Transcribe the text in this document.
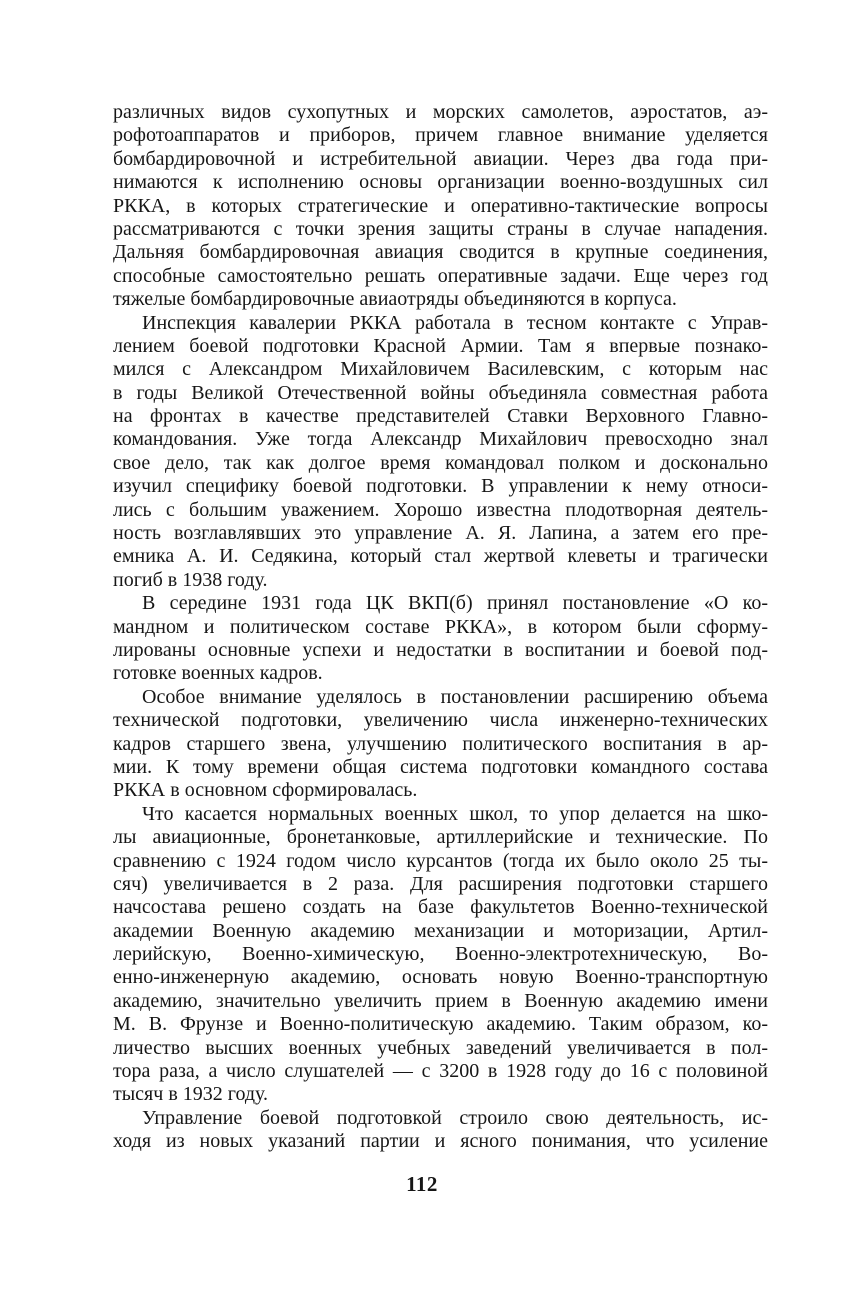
различных видов сухопутных и морских самолетов, аэростатов, аэ-
рофотоаппаратов и приборов, причем главное внимание уделяется
бомбардировочной и истребительной авиации. Через два года при-
нимаются к исполнению основы организации военно-воздушных сил
РККА, в которых стратегические и оперативно-тактические вопросы
рассматриваются с точки зрения защиты страны в случае нападения.
Дальняя бомбардировочная авиация сводится в крупные соединения,
способные самостоятельно решать оперативные задачи. Еще через год
тяжелые бомбардировочные авиаотряды объединяются в корпуса.
Инспекция кавалерии РККА работала в тесном контакте с Управ-
лением боевой подготовки Красной Армии. Там я впервые познако-
мился с Александром Михайловичем Василевским, с которым нас
в годы Великой Отечественной войны объединяла совместная работа
на фронтах в качестве представителей Ставки Верховного Главно-
командования. Уже тогда Александр Михайлович превосходно знал
свое дело, так как долгое время командовал полком и досконально
изучил специфику боевой подготовки. В управлении к нему относи-
лись с большим уважением. Хорошо известна плодотворная деятель-
ность возглавлявших это управление А. Я. Лапина, а затем его пре-
емника А. И. Седякина, который стал жертвой клеветы и трагически
погиб в 1938 году.
В середине 1931 года ЦК ВКП(б) принял постановление «О ко-
мандном и политическом составе РККА», в котором были сформу-
лированы основные успехи и недостатки в воспитании и боевой под-
готовке военных кадров.
Особое внимание уделялось в постановлении расширению объема
технической подготовки, увеличению числа инженерно-технических
кадров старшего звена, улучшению политического воспитания в ар-
мии. К тому времени общая система подготовки командного состава
РККА в основном сформировалась.
Что касается нормальных военных школ, то упор делается на шко-
лы авиационные, бронетанковые, артиллерийские и технические. По
сравнению с 1924 годом число курсантов (тогда их было около 25 ты-
сяч) увеличивается в 2 раза. Для расширения подготовки старшего
начсостава решено создать на базе факультетов Военно-технической
академии Военную академию механизации и моторизации, Артил-
лерийскую, Военно-химическую, Военно-электротехническую, Во-
енно-инженерную академию, основать новую Военно-транспортную
академию, значительно увеличить прием в Военную академию имени
М. В. Фрунзе и Военно-политическую академию. Таким образом, ко-
личество высших военных учебных заведений увеличивается в пол-
тора раза, а число слушателей — с 3200 в 1928 году до 16 с половиной
тысяч в 1932 году.
Управление боевой подготовкой строило свою деятельность, ис-
ходя из новых указаний партии и ясного понимания, что усиление
112
